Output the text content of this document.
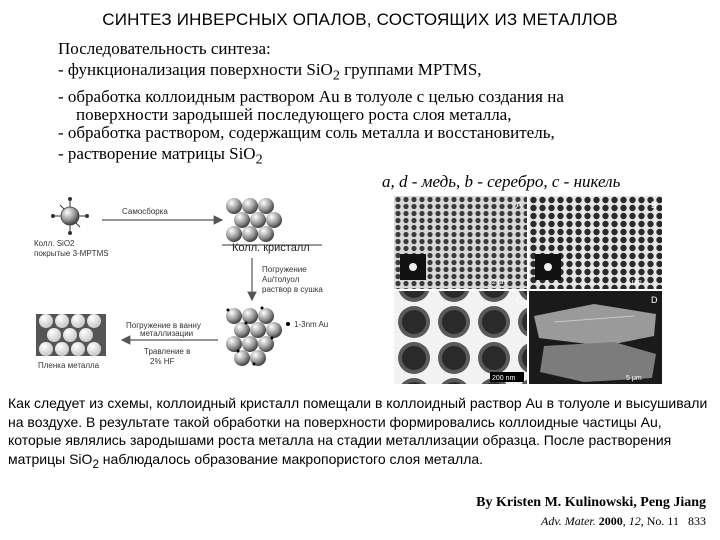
СИНТЕЗ ИНВЕРСНЫХ ОПАЛОВ, СОСТОЯЩИХ ИЗ МЕТАЛЛОВ
Последовательность синтеза:
- функционализация поверхности SiO$_2$ группами MPTMS,
- обработка коллоидным раствором Au в толуоле с целью создания на
поверхности зародышей последующего роста слоя металла,
- обработка раствором, содержащим соль металла и восстановитель,
- растворение матрицы SiO$_2$
a, d - медь, b - серебро, c - никель
Колл. SiO2
покрытые 3-MPTMS
Самосборка
Колл. кристалл
Погружение
Au/толуол
раствор в сушка
1-3nm Au
Погружение в ванну
металлизации
Травление в
2% HF
Пленка металла
A
2 μm
B
2 μm
C
200 nm
D
5 μm
Как следует из схемы, коллоидный кристалл помещали в коллоидный раствор Au в толуоле и высушивали на воздухе. В результате такой обработки на поверхности формировались коллоидные частицы Au, которые являлись зародышами роста металла на стадии металлизации образца. После растворения матрицы SiO$_2$ наблюдалось образование макропористого слоя металла.
By Kristen M. Kulinowski, Peng Jiang
Adv. Mater. 2000, 12, No. 11 833
